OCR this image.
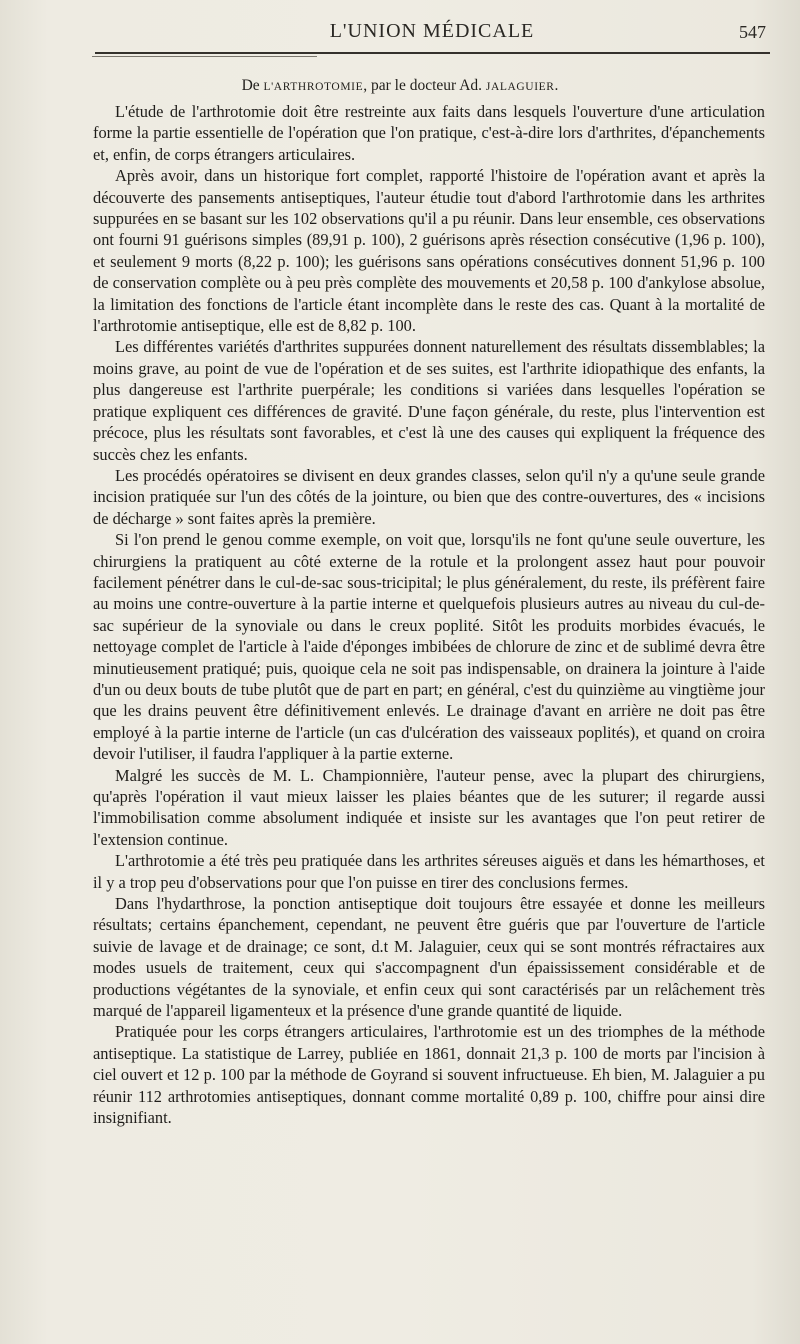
L'UNION MÉDICALE	547
De L'ARTHROTOMIE, par le docteur Ad. JALAGUIER.

L'étude de l'arthrotomie doit être restreinte aux faits dans lesquels l'ouverture d'une articulation forme la partie essentielle de l'opération que l'on pratique, c'est-à-dire lors d'arthrites, d'épanchements et, enfin, de corps étrangers articulaires.

Après avoir, dans un historique fort complet, rapporté l'histoire de l'opération avant et après la découverte des pansements antiseptiques, l'auteur étudie tout d'abord l'arthrotomie dans les arthrites suppurées en se basant sur les 102 observations qu'il a pu réunir. Dans leur ensemble, ces observations ont fourni 91 guérisons simples (89,91 p. 100), 2 guérisons après résection consécutive (1,96 p. 100), et seulement 9 morts (8,22 p. 100); les guérisons sans opérations consécutives donnent 51,96 p. 100 de conservation complète ou à peu près complète des mouvements et 20,58 p. 100 d'ankylose absolue, la limitation des fonctions de l'article étant incomplète dans le reste des cas. Quant à la mortalité de l'arthrotomie antiseptique, elle est de 8,82 p. 100.

Les différentes variétés d'arthrites suppurées donnent naturellement des résultats dissemblables; la moins grave, au point de vue de l'opération et de ses suites, est l'arthrite idiopathique des enfants, la plus dangereuse est l'arthrite puerpérale; les conditions si variées dans lesquelles l'opération se pratique expliquent ces différences de gravité. D'une façon générale, du reste, plus l'intervention est précoce, plus les résultats sont favorables, et c'est là une des causes qui expliquent la fréquence des succès chez les enfants.

Les procédés opératoires se divisent en deux grandes classes, selon qu'il n'y a qu'une seule grande incision pratiquée sur l'un des côtés de la jointure, ou bien que des contre-ouvertures, des « incisions de décharge » sont faites après la première.

Si l'on prend le genou comme exemple, on voit que, lorsqu'ils ne font qu'une seule ouverture, les chirurgiens la pratiquent au côté externe de la rotule et la prolongent assez haut pour pouvoir facilement pénétrer dans le cul-de-sac sous-tricipital; le plus généralement, du reste, ils préfèrent faire au moins une contre-ouverture à la partie interne et quelquefois plusieurs autres au niveau du cul-de-sac supérieur de la synoviale ou dans le creux poplité. Sitôt les produits morbides évacués, le nettoyage complet de l'article à l'aide d'éponges imbibées de chlorure de zinc et de sublimé devra être minutieusement pratiqué; puis, quoique cela ne soit pas indispensable, on drainera la jointure à l'aide d'un ou deux bouts de tube plutôt que de part en part; en général, c'est du quinzième au vingtième jour que les drains peuvent être définitivement enlevés. Le drainage d'avant en arrière ne doit pas être employé à la partie interne de l'article (un cas d'ulcération des vaisseaux poplités), et quand on croira devoir l'utiliser, il faudra l'appliquer à la partie externe.

Malgré les succès de M. L. Championnière, l'auteur pense, avec la plupart des chirurgiens, qu'après l'opération il vaut mieux laisser les plaies béantes que de les suturer; il regarde aussi l'immobilisation comme absolument indiquée et insiste sur les avantages que l'on peut retirer de l'extension continue.

L'arthrotomie a été très peu pratiquée dans les arthrites séreuses aiguës et dans les hémarthoses, et il y a trop peu d'observations pour que l'on puisse en tirer des conclusions fermes.

Dans l'hydarthrose, la ponction antiseptique doit toujours être essayée et donne les meilleurs résultats; certains épanchement, cependant, ne peuvent être guéris que par l'ouverture de l'article suivie de lavage et de drainage; ce sont, d.t M. Jalaguier, ceux qui se sont montrés réfractaires aux modes usuels de traitement, ceux qui s'accompagnent d'un épaississement considérable et de productions végétantes de la synoviale, et enfin ceux qui sont caractérisés par un relâchement très marqué de l'appareil ligamenteux et la présence d'une grande quantité de liquide.

Pratiquée pour les corps étrangers articulaires, l'arthrotomie est un des triomphes de la méthode antiseptique. La statistique de Larrey, publiée en 1861, donnait 21,3 p. 100 de morts par l'incision à ciel ouvert et 12 p. 100 par la méthode de Goyrand si souvent infructueuse. Eh bien, M. Jalaguier a pu réunir 112 arthrotomies antiseptiques, donnant comme mortalité 0,89 p. 100, chiffre pour ainsi dire insignifiant.
